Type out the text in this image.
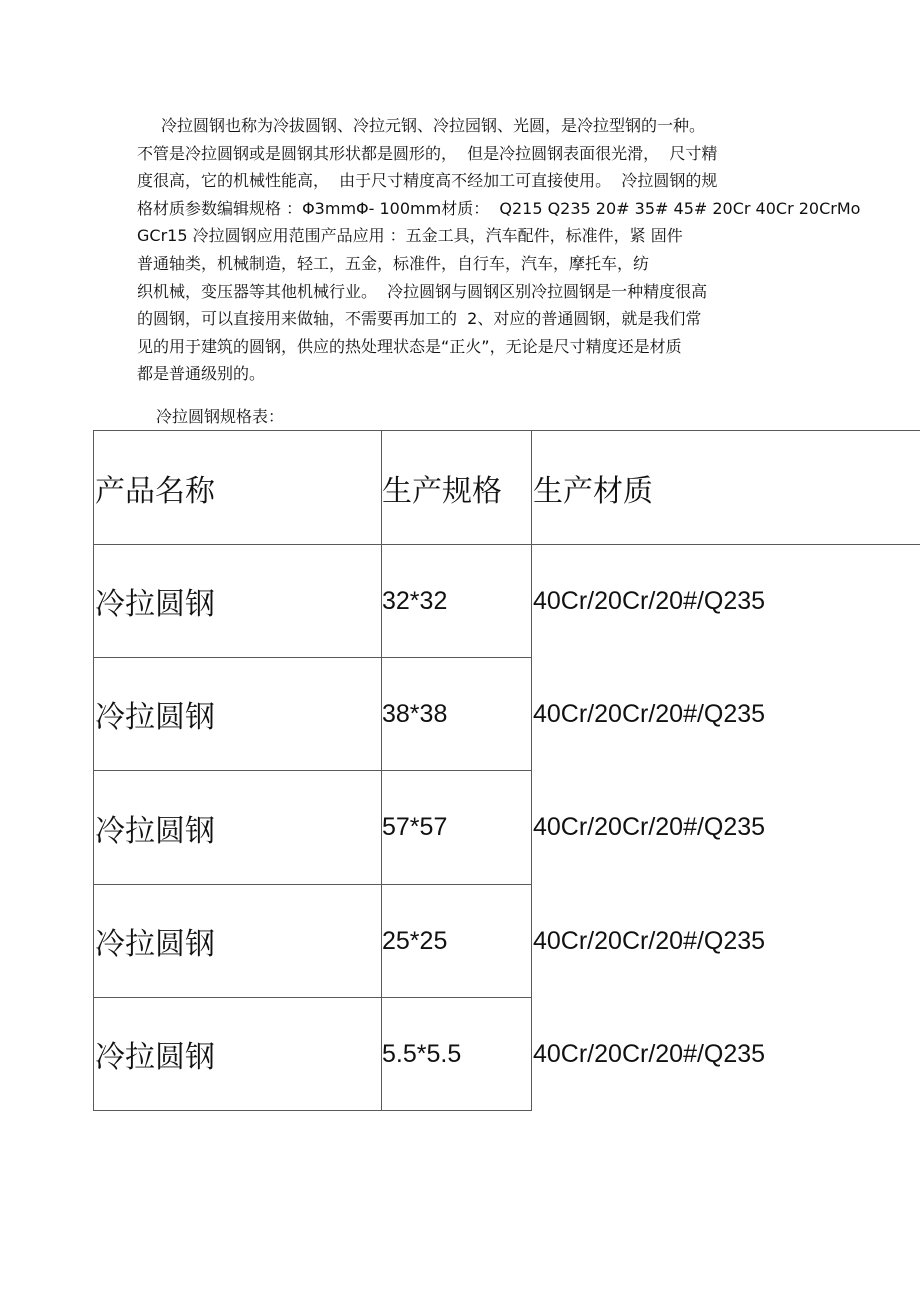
冷拉圆钢也称为冷拔圆钢、冷拉元钢、冷拉园钢、光圆，是冷拉型钢的一种。
不管是冷拉圆钢或是圆钢其形状都是圆形的，  但是冷拉圆钢表面很光滑，  尺寸精
度很高，它的机械性能高，  由于尺寸精度高不经加工可直接使用。  冷拉圆钢的规
格材质参数编辑规格 ：Φ3mmΦ- 100mm材质：  Q215 Q235 20# 35# 45# 20Cr 40Cr 20CrMo
GCr15 冷拉圆钢应用范围产品应用 ：五金工具，汽车配件，标准件，紧 固件
普通轴类，机械制造，轻工，五金，标准件，自行车，汽车，摩托车，纺
织机械，变压器等其他机械行业。  冷拉圆钢与圆钢区别冷拉圆钢是一种精度很高
的圆钢，可以直接用来做轴，不需要再加工的  2、对应的普通圆钢，就是我们常
见的用于建筑的圆钢，供应的热处理状态是“正火”，无论是尺寸精度还是材质
都是普通级别的。
冷拉圆钢规格表：
产品名称	生产规格 生产材质
冷拉圆钢	32*32	40Cr/20Cr/20#/Q235
冷拉圆钢	38*38	40Cr/20Cr/20#/Q235
冷拉圆钢	57*57	40Cr/20Cr/20#/Q235
冷拉圆钢	25*25	40Cr/20Cr/20#/Q235
冷拉圆钢	5.5*5.5	40Cr/20Cr/20#/Q235
